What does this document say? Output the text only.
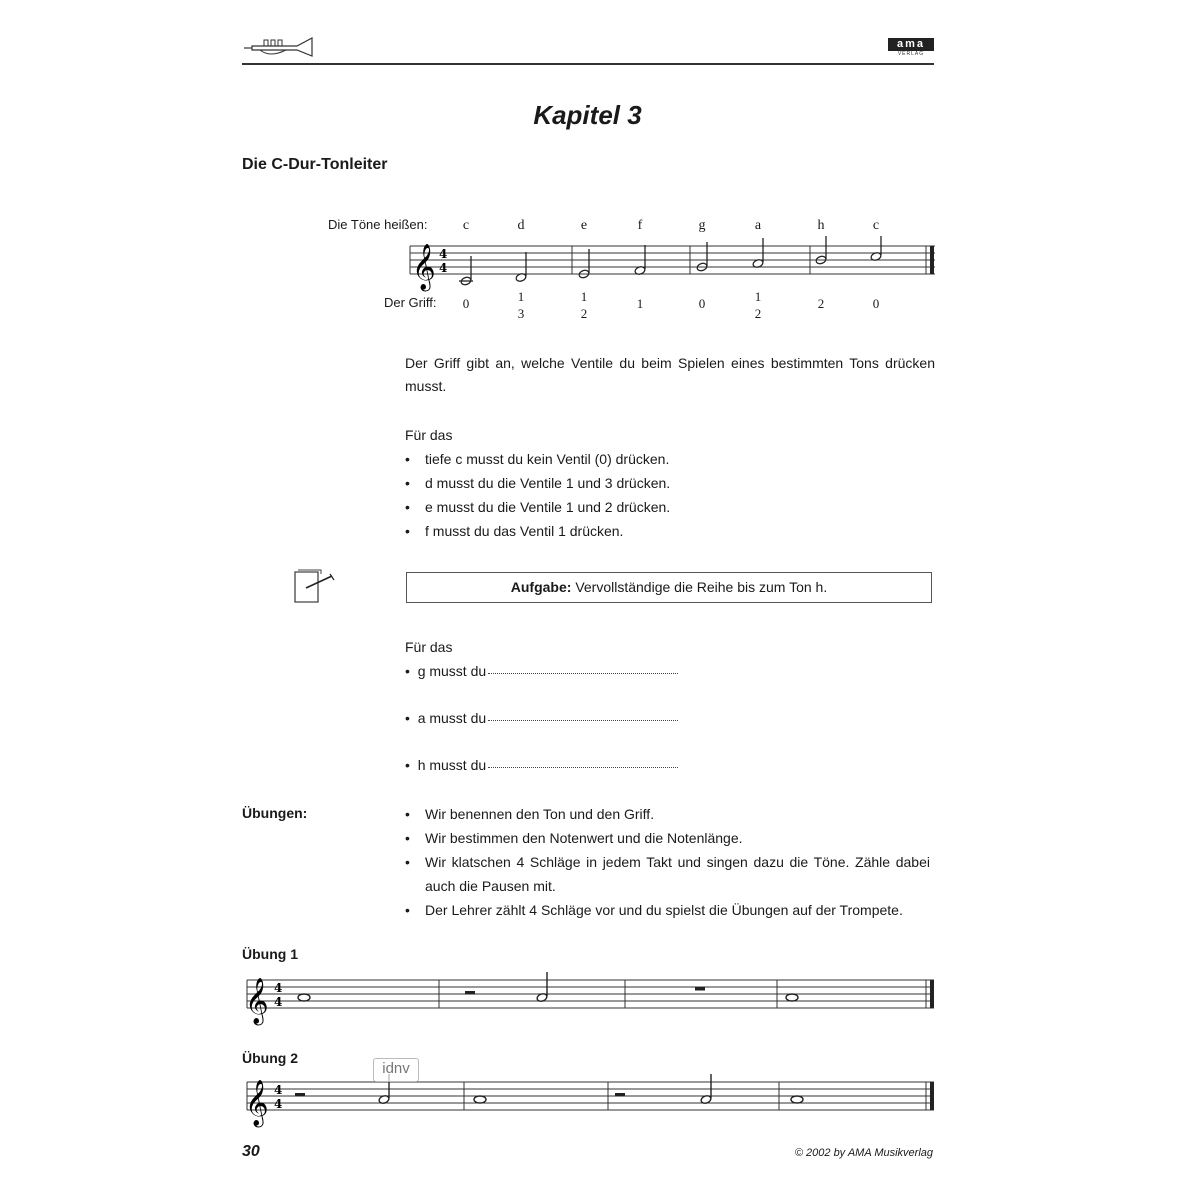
ama
VERLAG
Kapitel 3
Die C-Dur-Tonleiter
Die Töne heißen:
Der Griff:
c	d	e	f	g	a	h	c
0	1
3
1
2
1	0	1
2
2	0
𝄞 4
4
Der Griff gibt an, welche Ventile du beim Spielen eines bestimmten Tons drücken musst.
Für das
• tiefe c musst du kein Ventil (0) drücken.
• d musst du die Ventile 1 und 3 drücken.
• e musst du die Ventile 1 und 2 drücken.
• f musst du das Ventil 1 drücken.
Aufgabe: Vervollständige die Reihe bis zum Ton h.
Für das
•  g musst du
•  a musst du
•  h musst du
Übungen:
•	Wir benennen den Ton und den Griff.
• Wir bestimmen den Notenwert und die Notenlänge.
• Wir klatschen 4 Schläge in jedem Takt und singen dazu die Töne. Zähle dabei auch die Pausen mit.
• Der Lehrer zählt 4 Schläge vor und du spielst die Übungen auf der Trompete.
Übung 1
𝄞 4
4
Übung 2
𝄞 4
4
idnv
30	© 2002 by AMA Musikverlag
